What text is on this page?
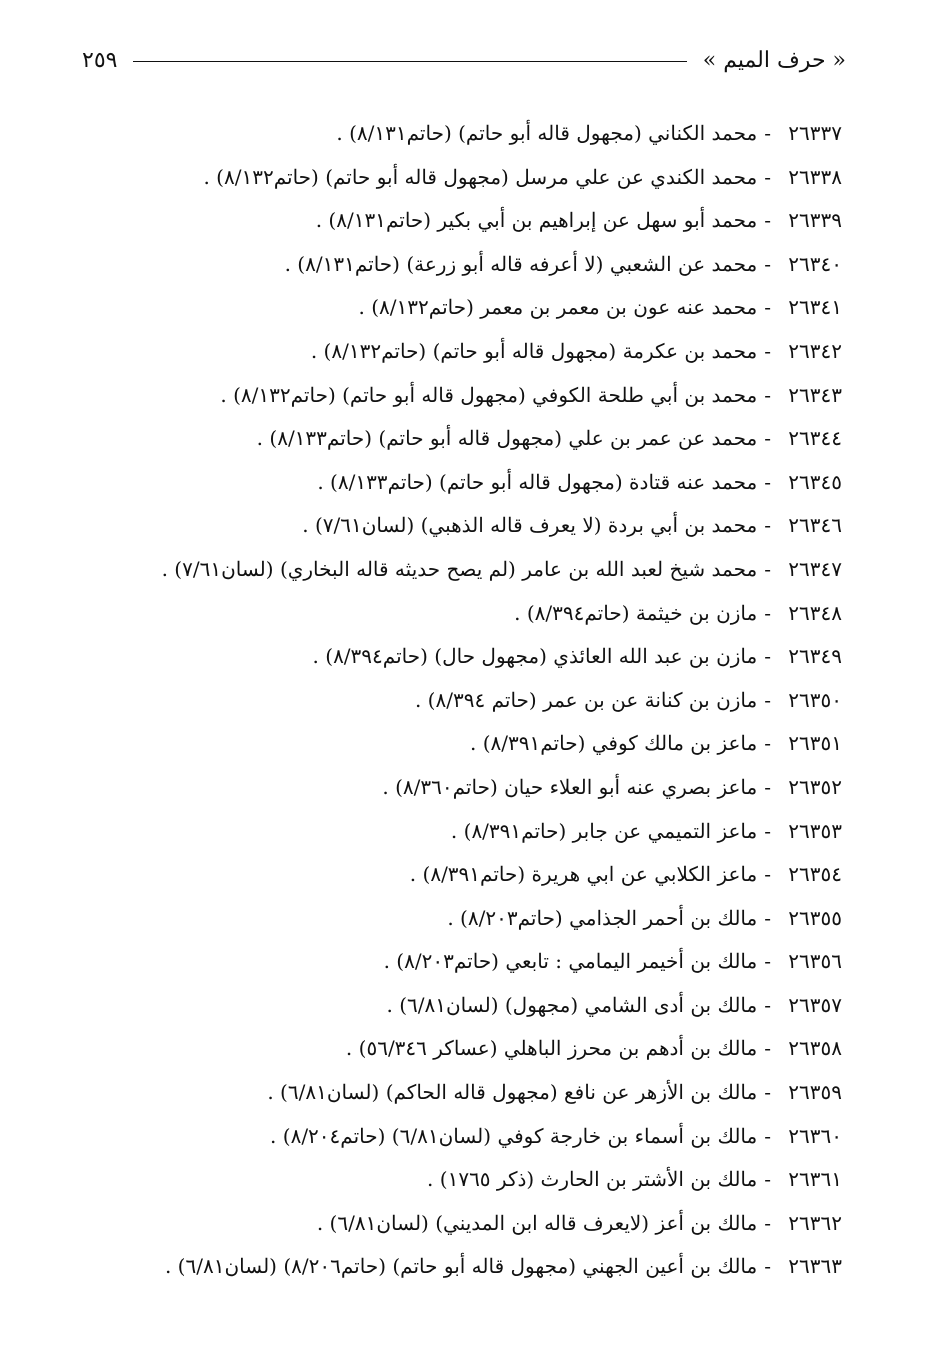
« حرف الميم »
٢٥٩
٢٦٣٣٧-محمد الكناني (مجهول قاله أبو حاتم) (حاتم٨/١٣١) .
٢٦٣٣٨-محمد الكندي عن علي مرسل (مجهول قاله أبو حاتم) (حاتم٨/١٣٢) .
٢٦٣٣٩-محمد أبو سهل عن إبراهيم بن أبي بكير (حاتم٨/١٣١) .
٢٦٣٤٠-محمد عن الشعبي (لا أعرفه قاله أبو زرعة) (حاتم٨/١٣١) .
٢٦٣٤١-محمد عنه عون بن معمر بن معمر (حاتم٨/١٣٢) .
٢٦٣٤٢-محمد بن عكرمة (مجهول قاله أبو حاتم) (حاتم٨/١٣٢) .
٢٦٣٤٣-محمد بن أبي طلحة الكوفي (مجهول قاله أبو حاتم) (حاتم٨/١٣٢) .
٢٦٣٤٤-محمد عن عمر بن علي (مجهول قاله أبو حاتم) (حاتم٨/١٣٣) .
٢٦٣٤٥-محمد عنه قتادة (مجهول قاله أبو حاتم) (حاتم٨/١٣٣) .
٢٦٣٤٦-محمد بن أبي بردة (لا يعرف قاله الذهبي) (لسان٧/٦١) .
٢٦٣٤٧-محمد شيخ لعبد الله بن عامر (لم يصح حديثه قاله البخاري) (لسان٧/٦١) .
٢٦٣٤٨-مازن بن خيثمة (حاتم٨/٣٩٤) .
٢٦٣٤٩-مازن بن عبد الله العائذي (مجهول حال) (حاتم٨/٣٩٤) .
٢٦٣٥٠-مازن بن كنانة عن بن عمر (حاتم ٨/٣٩٤) .
٢٦٣٥١-ماعز بن مالك كوفي (حاتم٨/٣٩١) .
٢٦٣٥٢-ماعز بصري عنه أبو العلاء حيان (حاتم٨/٣٦٠) .
٢٦٣٥٣-ماعز التميمي عن جابر (حاتم٨/٣٩١) .
٢٦٣٥٤-ماعز الكلابي عن ابي هريرة (حاتم٨/٣٩١) .
٢٦٣٥٥-مالك بن أحمر الجذامي (حاتم٨/٢٠٣) .
٢٦٣٥٦-مالك بن أخيمر اليمامي : تابعي (حاتم٨/٢٠٣) .
٢٦٣٥٧-مالك بن أدى الشامي (مجهول) (لسان٦/٨١) .
٢٦٣٥٨-مالك بن أدهم بن محرز الباهلي (عساكر ٥٦/٣٤٦) .
٢٦٣٥٩-مالك بن الأزهر عن نافع (مجهول قاله الحاكم) (لسان٦/٨١) .
٢٦٣٦٠-مالك بن أسماء بن خارجة كوفي (لسان٦/٨١) (حاتم٨/٢٠٤) .
٢٦٣٦١-مالك بن الأشتر بن الحارث (ذكر ١٧٦٥) .
٢٦٣٦٢-مالك بن أعز (لايعرف قاله ابن المديني) (لسان٦/٨١) .
٢٦٣٦٣-مالك بن أعين الجهني (مجهول قاله أبو حاتم) (حاتم٨/٢٠٦) (لسان٦/٨١) .
